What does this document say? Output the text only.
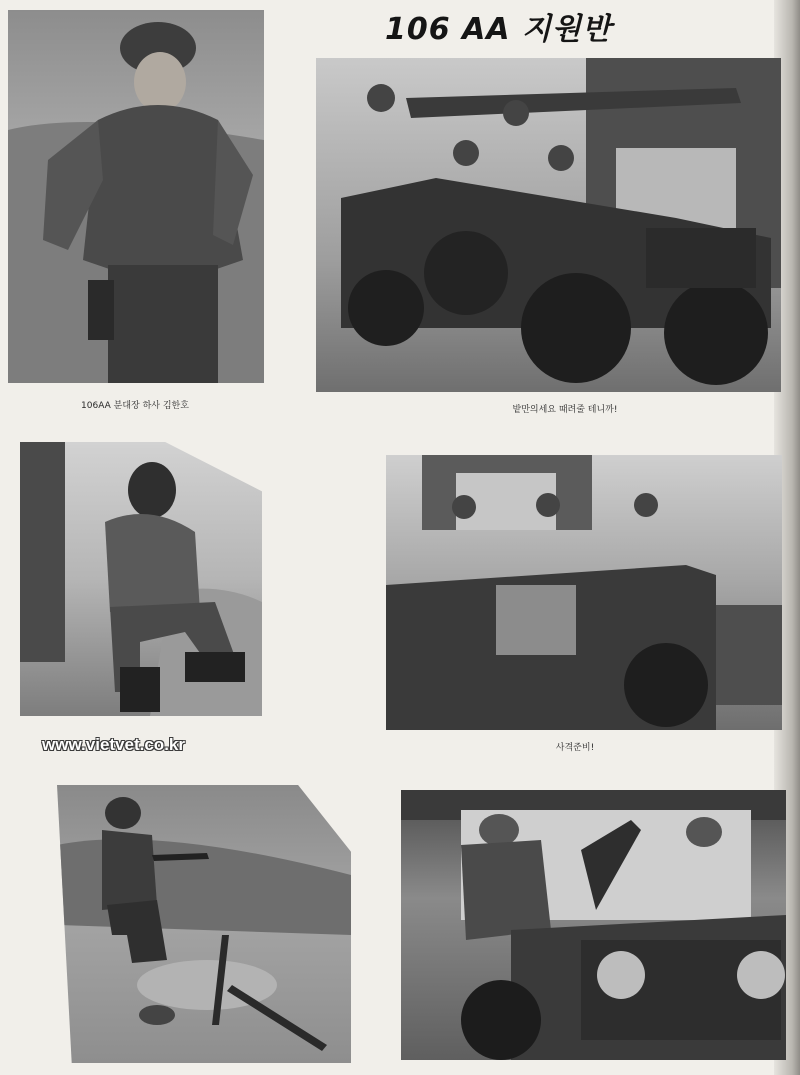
106 AA 지원반
106AA 분대장 하사 김한호	밭만의세요 때려줄 테니까!
사격준비!
www.vietvet.co.kr
